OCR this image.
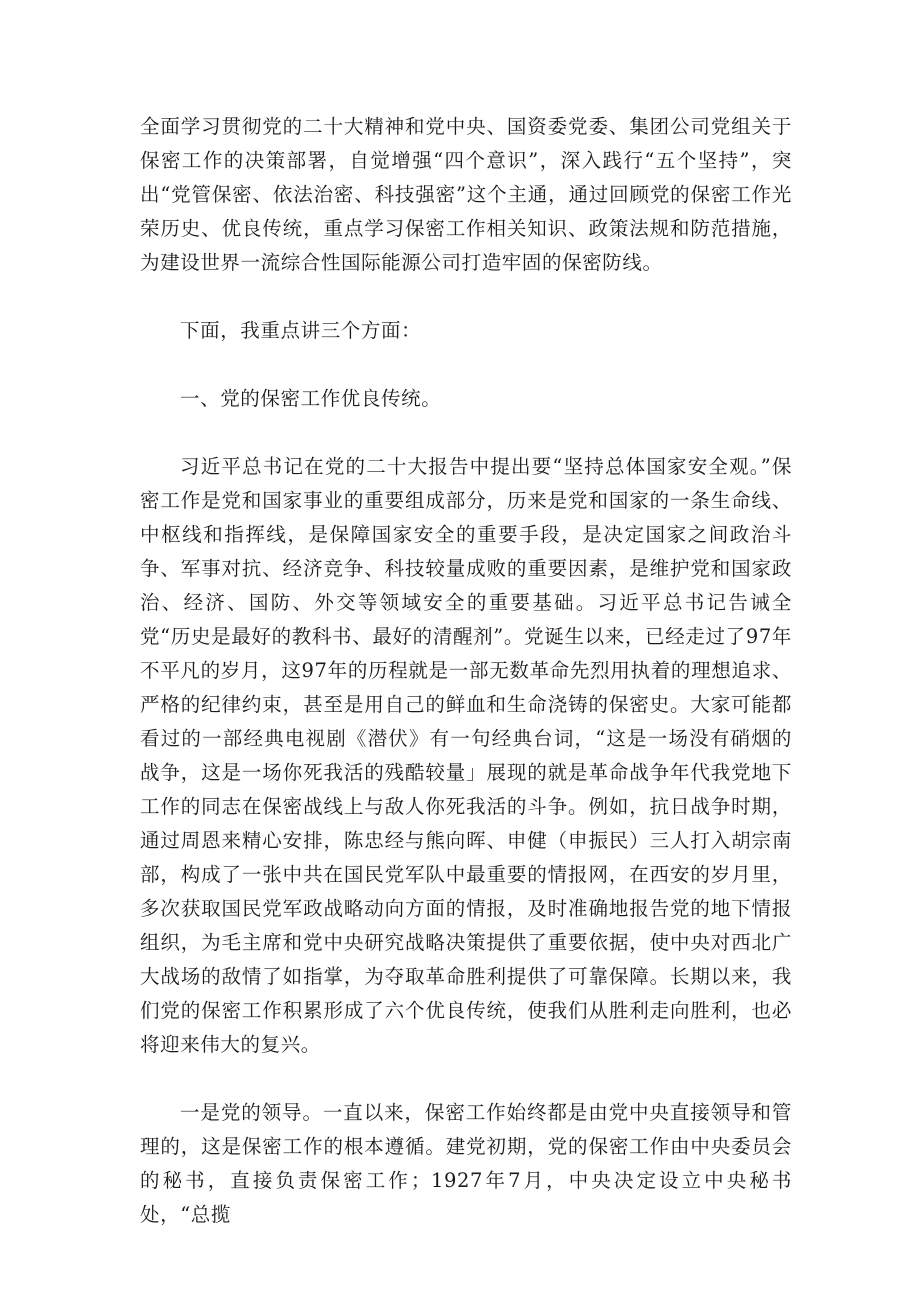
全面学习贯彻党的二十大精神和党中央、国资委党委、集团公司党组关于保密工作的决策部署，自觉增强“四个意识”，深入践行“五个坚持”，突出“党管保密、依法治密、科技强密”这个主通，通过回顾党的保密工作光荣历史、优良传统，重点学习保密工作相关知识、政策法规和防范措施，为建设世界一流综合性国际能源公司打造牢固的保密防线。

下面，我重点讲三个方面：

一、党的保密工作优良传统。

习近平总书记在党的二十大报告中提出要“坚持总体国家安全观。”保密工作是党和国家事业的重要组成部分，历来是党和国家的一条生命线、中枢线和指挥线，是保障国家安全的重要手段，是决定国家之间政治斗争、军事对抗、经济竞争、科技较量成败的重要因素，是维护党和国家政治、经济、国防、外交等领域安全的重要基础。习近平总书记告诫全党“历史是最好的教科书、最好的清醒剂”。党诞生以来，已经走过了97年不平凡的岁月，这97年的历程就是一部无数革命先烈用执着的理想追求、严格的纪律约束，甚至是用自己的鲜血和生命浇铸的保密史。大家可能都看过的一部经典电视剧《潜伏》有一句经典台词，“这是一场没有硝烟的战争，这是一场你死我活的残酷较量」展现的就是革命战争年代我党地下工作的同志在保密战线上与敌人你死我活的斗争。例如，抗日战争时期，通过周恩来精心安排，陈忠经与熊向晖、申健（申振民）三人打入胡宗南部，构成了一张中共在国民党军队中最重要的情报网，在西安的岁月里，多次获取国民党军政战略动向方面的情报，及时准确地报告党的地下情报组织，为毛主席和党中央研究战略决策提供了重要依据，使中央对西北广大战场的敌情了如指掌，为夺取革命胜利提供了可靠保障。长期以来，我们党的保密工作积累形成了六个优良传统，使我们从胜利走向胜利，也必将迎来伟大的复兴。

一是党的领导。一直以来，保密工作始终都是由党中央直接领导和管理的，这是保密工作的根本遵循。建党初期，党的保密工作由中央委员会的秘书，直接负责保密工作；1927年7月，中央决定设立中央秘书处，“总揽
